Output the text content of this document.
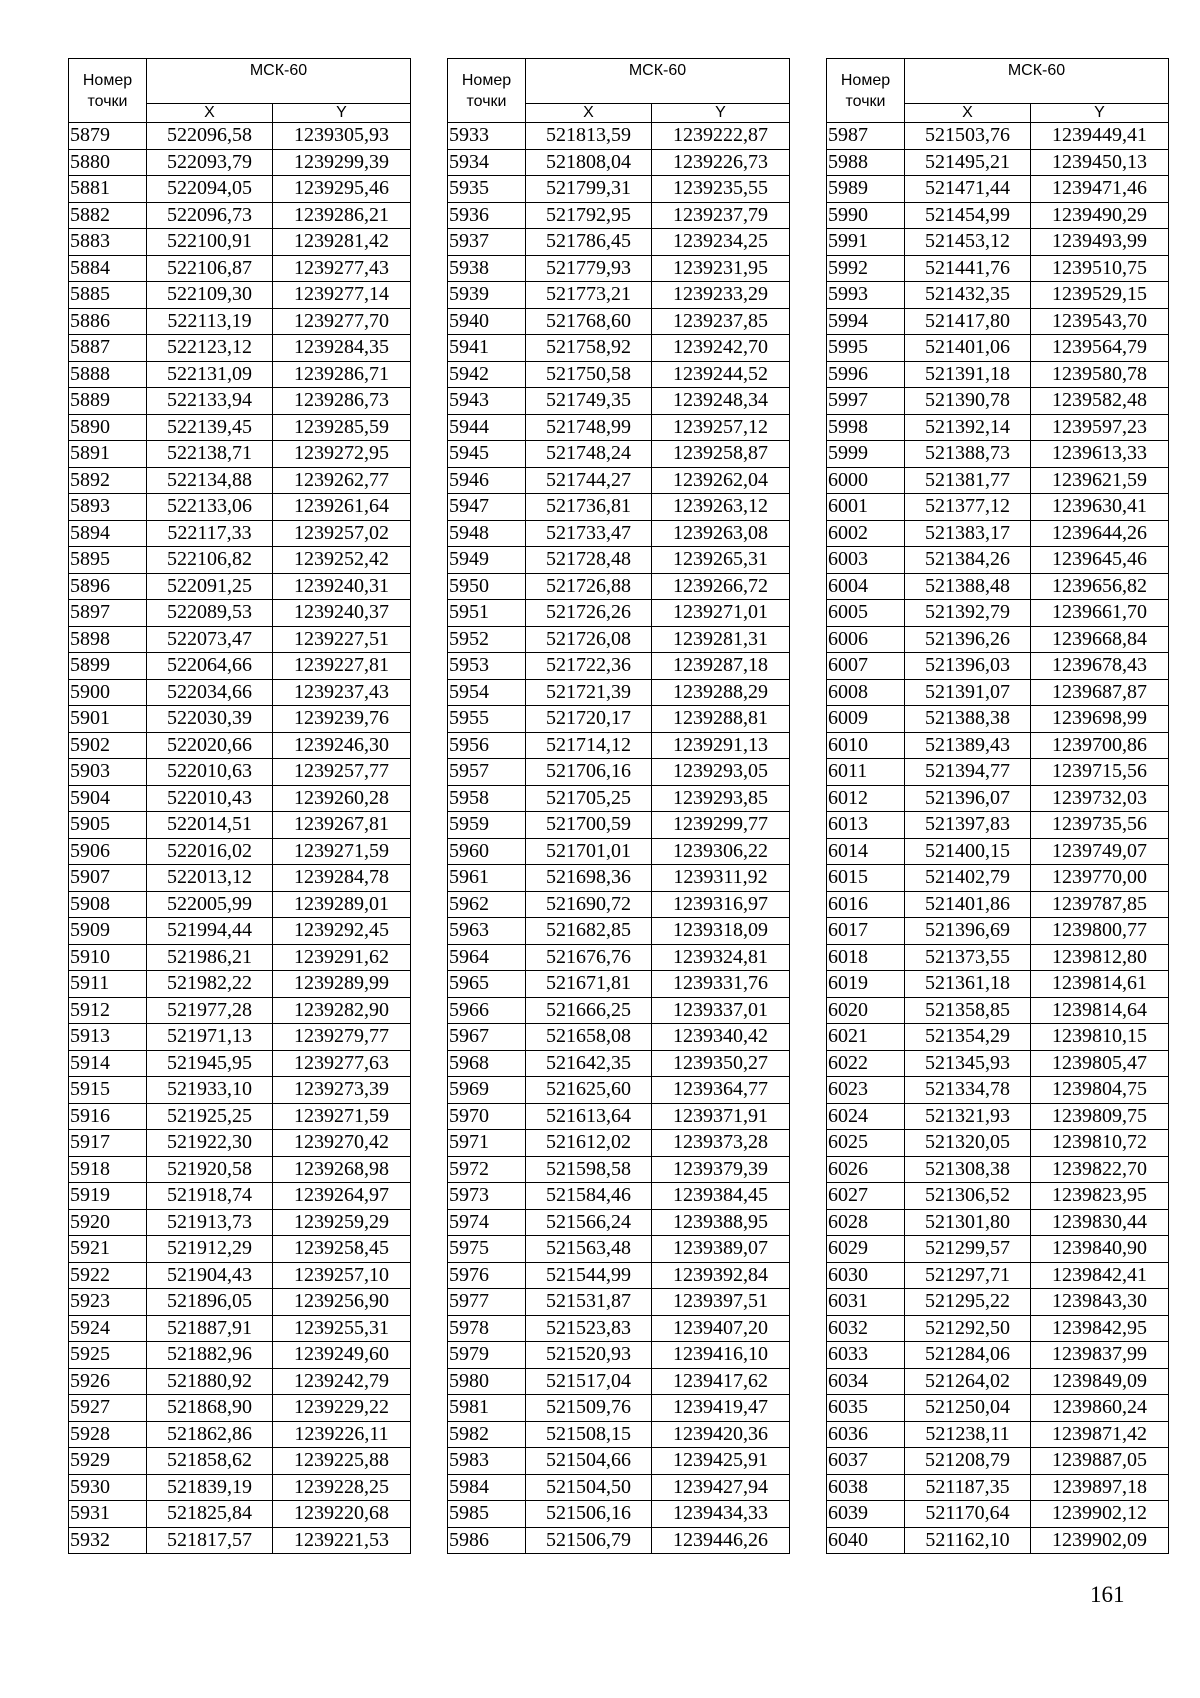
Номер
точки	МСК-60	
	X	Y
5879	522096,58	1239305,93
5880	522093,79	1239299,39
5881	522094,05	1239295,46
5882	522096,73	1239286,21
5883	522100,91	1239281,42
5884	522106,87	1239277,43
5885	522109,30	1239277,14
5886	522113,19	1239277,70
5887	522123,12	1239284,35
5888	522131,09	1239286,71
5889	522133,94	1239286,73
5890	522139,45	1239285,59
5891	522138,71	1239272,95
5892	522134,88	1239262,77
5893	522133,06	1239261,64
5894	522117,33	1239257,02
5895	522106,82	1239252,42
5896	522091,25	1239240,31
5897	522089,53	1239240,37
5898	522073,47	1239227,51
5899	522064,66	1239227,81
5900	522034,66	1239237,43
5901	522030,39	1239239,76
5902	522020,66	1239246,30
5903	522010,63	1239257,77
5904	522010,43	1239260,28
5905	522014,51	1239267,81
5906	522016,02	1239271,59
5907	522013,12	1239284,78
5908	522005,99	1239289,01
5909	521994,44	1239292,45
5910	521986,21	1239291,62
5911	521982,22	1239289,99
5912	521977,28	1239282,90
5913	521971,13	1239279,77
5914	521945,95	1239277,63
5915	521933,10	1239273,39
5916	521925,25	1239271,59
5917	521922,30	1239270,42
5918	521920,58	1239268,98
5919	521918,74	1239264,97
5920	521913,73	1239259,29
5921	521912,29	1239258,45
5922	521904,43	1239257,10
5923	521896,05	1239256,90
5924	521887,91	1239255,31
5925	521882,96	1239249,60
5926	521880,92	1239242,79
5927	521868,90	1239229,22
5928	521862,86	1239226,11
5929	521858,62	1239225,88
5930	521839,19	1239228,25
5931	521825,84	1239220,68
5932	521817,57	1239221,53
Номер
точки	МСК-60	
	X	Y
5933	521813,59	1239222,87
5934	521808,04	1239226,73
5935	521799,31	1239235,55
5936	521792,95	1239237,79
5937	521786,45	1239234,25
5938	521779,93	1239231,95
5939	521773,21	1239233,29
5940	521768,60	1239237,85
5941	521758,92	1239242,70
5942	521750,58	1239244,52
5943	521749,35	1239248,34
5944	521748,99	1239257,12
5945	521748,24	1239258,87
5946	521744,27	1239262,04
5947	521736,81	1239263,12
5948	521733,47	1239263,08
5949	521728,48	1239265,31
5950	521726,88	1239266,72
5951	521726,26	1239271,01
5952	521726,08	1239281,31
5953	521722,36	1239287,18
5954	521721,39	1239288,29
5955	521720,17	1239288,81
5956	521714,12	1239291,13
5957	521706,16	1239293,05
5958	521705,25	1239293,85
5959	521700,59	1239299,77
5960	521701,01	1239306,22
5961	521698,36	1239311,92
5962	521690,72	1239316,97
5963	521682,85	1239318,09
5964	521676,76	1239324,81
5965	521671,81	1239331,76
5966	521666,25	1239337,01
5967	521658,08	1239340,42
5968	521642,35	1239350,27
5969	521625,60	1239364,77
5970	521613,64	1239371,91
5971	521612,02	1239373,28
5972	521598,58	1239379,39
5973	521584,46	1239384,45
5974	521566,24	1239388,95
5975	521563,48	1239389,07
5976	521544,99	1239392,84
5977	521531,87	1239397,51
5978	521523,83	1239407,20
5979	521520,93	1239416,10
5980	521517,04	1239417,62
5981	521509,76	1239419,47
5982	521508,15	1239420,36
5983	521504,66	1239425,91
5984	521504,50	1239427,94
5985	521506,16	1239434,33
5986	521506,79	1239446,26
Номер
точки	МСК-60	
	X	Y
5987	521503,76	1239449,41
5988	521495,21	1239450,13
5989	521471,44	1239471,46
5990	521454,99	1239490,29
5991	521453,12	1239493,99
5992	521441,76	1239510,75
5993	521432,35	1239529,15
5994	521417,80	1239543,70
5995	521401,06	1239564,79
5996	521391,18	1239580,78
5997	521390,78	1239582,48
5998	521392,14	1239597,23
5999	521388,73	1239613,33
6000	521381,77	1239621,59
6001	521377,12	1239630,41
6002	521383,17	1239644,26
6003	521384,26	1239645,46
6004	521388,48	1239656,82
6005	521392,79	1239661,70
6006	521396,26	1239668,84
6007	521396,03	1239678,43
6008	521391,07	1239687,87
6009	521388,38	1239698,99
6010	521389,43	1239700,86
6011	521394,77	1239715,56
6012	521396,07	1239732,03
6013	521397,83	1239735,56
6014	521400,15	1239749,07
6015	521402,79	1239770,00
6016	521401,86	1239787,85
6017	521396,69	1239800,77
6018	521373,55	1239812,80
6019	521361,18	1239814,61
6020	521358,85	1239814,64
6021	521354,29	1239810,15
6022	521345,93	1239805,47
6023	521334,78	1239804,75
6024	521321,93	1239809,75
6025	521320,05	1239810,72
6026	521308,38	1239822,70
6027	521306,52	1239823,95
6028	521301,80	1239830,44
6029	521299,57	1239840,90
6030	521297,71	1239842,41
6031	521295,22	1239843,30
6032	521292,50	1239842,95
6033	521284,06	1239837,99
6034	521264,02	1239849,09
6035	521250,04	1239860,24
6036	521238,11	1239871,42
6037	521208,79	1239887,05
6038	521187,35	1239897,18
6039	521170,64	1239902,12
6040	521162,10	1239902,09
161
